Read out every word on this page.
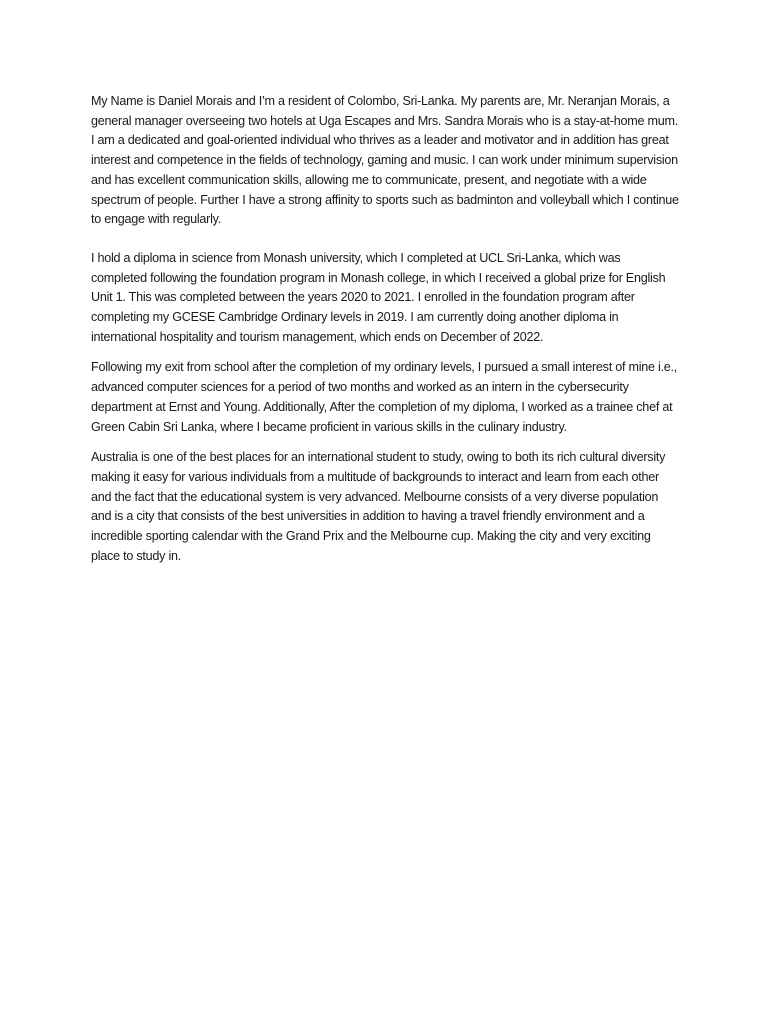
My Name is Daniel Morais and I’m a resident of Colombo, Sri-Lanka. My parents are, Mr. Neranjan Morais, a general manager overseeing two hotels at Uga Escapes and Mrs. Sandra Morais who is a stay-at-home mum. I am a dedicated and goal-oriented individual who thrives as a leader and motivator and in addition has great interest and competence in the fields of technology, gaming and music. I can work under minimum supervision and has excellent communication skills, allowing me to communicate, present, and negotiate with a wide spectrum of people. Further I have a strong affinity to sports such as badminton and volleyball which I continue to engage with regularly.

I hold a diploma in science from Monash university, which I completed at UCL Sri-Lanka, which was completed following the foundation program in Monash college, in which I received a global prize for English Unit 1. This was completed between the years 2020 to 2021. I enrolled in the foundation program after completing my GCESE Cambridge Ordinary levels in 2019. I am currently doing another diploma in international hospitality and tourism management, which ends on December of 2022.

Following my exit from school after the completion of my ordinary levels, I pursued a small interest of mine i.e., advanced computer sciences for a period of two months and worked as an intern in the cybersecurity department at Ernst and Young. Additionally, After the completion of my diploma, I worked as a trainee chef at Green Cabin Sri Lanka, where I became proficient in various skills in the culinary industry.

Australia is one of the best places for an international student to study, owing to both its rich cultural diversity making it easy for various individuals from a multitude of backgrounds to interact and learn from each other and the fact that the educational system is very advanced. Melbourne consists of a very diverse population and is a city that consists of the best universities in addition to having a travel friendly environment and a incredible sporting calendar with the Grand Prix and the Melbourne cup. Making the city and very exciting place to study in.
